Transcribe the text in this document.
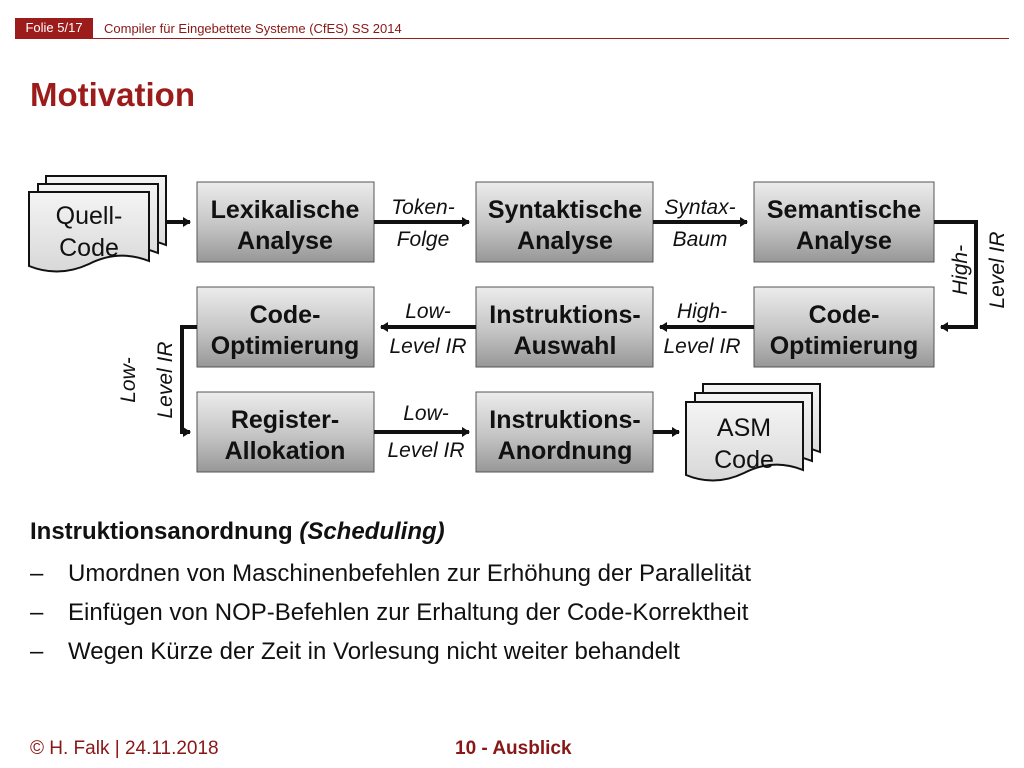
Folie 5/17	Compiler für Eingebettete Systeme (CfES) SS 2014
Motivation
Quell-
Code
ASM
Code
Lexikalische
Analyse
Syntaktische
Analyse
Semantische
Analyse
Code-
Optimierung
Instruktions-
Auswahl
Code-
Optimierung
Register-
Allokation
Instruktions-
Anordnung
Token-
Folge
Syntax-
Baum
High- Level IR
High-
Level IR
Low-
Level IR
Low- Level IR	Low-
Level IR
Instruktionsanordnung (Scheduling)
–	Umordnen von Maschinenbefehlen zur Erhöhung der Parallelität
–	Einfügen von NOP-Befehlen zur Erhaltung der Code-Korrektheit
–	Wegen Kürze der Zeit in Vorlesung nicht weiter behandelt
© H. Falk | 24.11.2018	10 - Ausblick
